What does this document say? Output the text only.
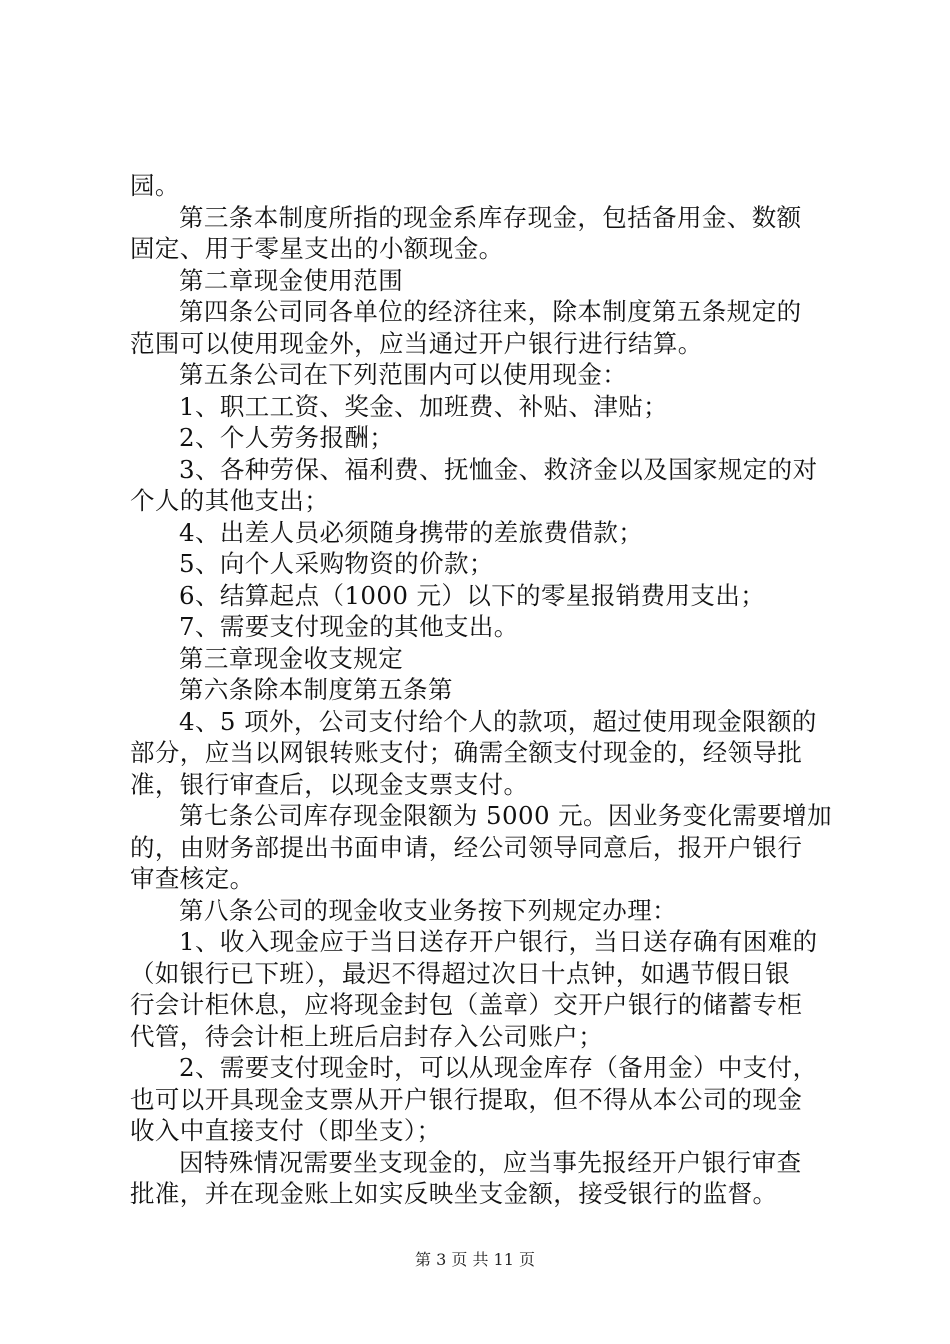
园。
第三条本制度所指的现金系库存现金，包括备用金、数额
固定、用于零星支出的小额现金。
第二章现金使用范围
第四条公司同各单位的经济往来，除本制度第五条规定的
范围可以使用现金外，应当通过开户银行进行结算。
第五条公司在下列范围内可以使用现金：
1、职工工资、奖金、加班费、补贴、津贴；
2、个人劳务报酬；
3、各种劳保、福利费、抚恤金、救济金以及国家规定的对
个人的其他支出；
4、出差人员必须随身携带的差旅费借款；
5、向个人采购物资的价款；
6、结算起点（1000 元）以下的零星报销费用支出；
7、需要支付现金的其他支出。
第三章现金收支规定
第六条除本制度第五条第
4、5 项外，公司支付给个人的款项，超过使用现金限额的
部分，应当以网银转账支付；确需全额支付现金的，经领导批
准，银行审查后，以现金支票支付。
第七条公司库存现金限额为 5000 元。因业务变化需要增加
的，由财务部提出书面申请，经公司领导同意后，报开户银行
审查核定。
第八条公司的现金收支业务按下列规定办理：
1、收入现金应于当日送存开户银行，当日送存确有困难的
（如银行已下班），最迟不得超过次日十点钟，如遇节假日银
行会计柜休息，应将现金封包（盖章）交开户银行的储蓄专柜
代管，待会计柜上班后启封存入公司账户；
2、需要支付现金时，可以从现金库存（备用金）中支付，
也可以开具现金支票从开户银行提取，但不得从本公司的现金
收入中直接支付（即坐支）；
因特殊情况需要坐支现金的，应当事先报经开户银行审查
批准，并在现金账上如实反映坐支金额，接受银行的监督。
第 3 页 共 11 页
